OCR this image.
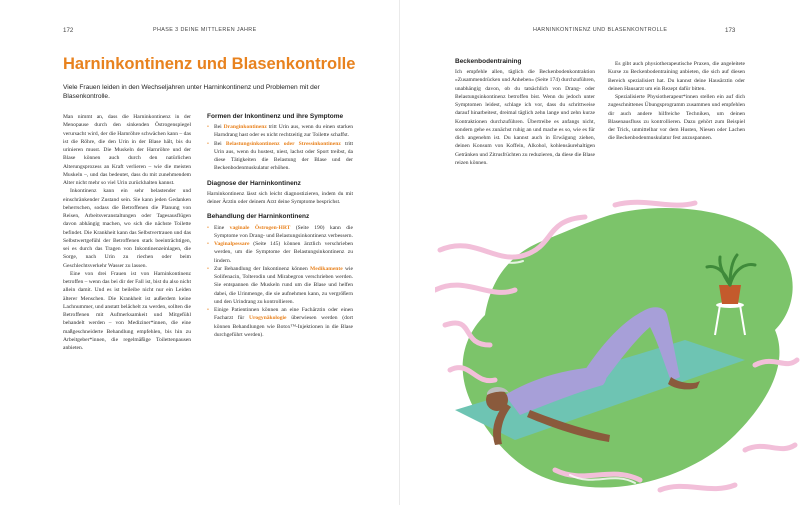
172	PHASE 3 DEINE MITTLEREN JAHRE
Harninkontinenz und Blasenkontrolle

Viele Frauen leiden in den Wechseljahren unter Harninkontinenz und Problemen mit der Blasenkontrolle.

Man nimmt an, dass die Harninkontinenz in der Menopause durch den sinkenden Östrogenspiegel verursacht wird, der die Harnröhre schwächen kann – das ist die Röhre, die den Urin in der Blase hält, bis du urinieren musst. Die Muskeln der Harnröhre und der Blase können auch durch den natürlichen Alterungsprozess an Kraft verlieren – wie die meisten Muskeln –, und das bedeutet, dass du mit zunehmendem Alter nicht mehr so viel Urin zurückhalten kannst.

Inkontinenz kann ein sehr belastender und einschränkender Zustand sein. Sie kann jeden Gedanken beherrschen, sodass die Betroffenen die Planung von Reisen, Arbeitsveranstaltungen oder Tagesausflügen davon abhängig machen, wo sich die nächste Toilette befindet. Die Krankheit kann das Selbstvertrauen und das Selbstwertgefühl der Betroffenen stark beeinträchtigen, sei es durch das Tragen von Inkontinenzeinlagen, die Sorge, nach Urin zu riechen oder beim Geschlechtsverkehr Wasser zu lassen.

Eine von drei Frauen ist von Harninkontinenz betroffen – wenn das bei dir der Fall ist, bist du also nicht allein damit. Und es ist beileibe nicht nur ein Leiden älterer Menschen. Die Krankheit ist außerdem keine Lachnummer, und anstatt belächelt zu werden, sollten die Betroffenen mit Aufmerksamkeit und Mitgefühl behandelt werden – von Mediziner*innen, die eine maßgeschneiderte Behandlung empfehlen, bis hin zu Arbeitgeber*innen, die regelmäßige Toilettenpausen anbieten.

Formen der Inkontinenz und ihre Symptome
• Bei Dranginkontinenz tritt Urin aus, wenn du einen starken Harndrang hast oder es nicht rechtzeitig zur Toilette schaffst.
• Bei Belastungsinkontinenz oder Stressinkontinenz tritt Urin aus, wenn du hustest, niest, lachst oder Sport treibst, da diese Tätigkeiten die Belastung der Blase und der Beckenbodenmuskulatur erhöhen.
Diagnose der Harninkontinenz

Harninkontinenz lässt sich leicht diagnostizieren, indem du mit deiner Ärztin oder deinem Arzt deine Symptome besprichst.

Behandlung der Harninkontinenz
• Eine vaginale Östrogen-HRT (Seite 190) kann die Symptome von Drang- und Belastungsinkontinenz verbessern.
• Vaginalpessare (Seite 145) können ärztlich verschrieben werden, um die Symptome der Belastungsinkontinenz zu lindern.
• Zur Behandlung der Inkontinenz können Medikamente wie Solifenacin, Tolterodin und Mirabegron verschrieben werden. Sie entspannen die Muskeln rund um die Blase und helfen dabei, die Urinmenge, die sie aufnehmen kann, zu vergrößern und den Urindrang zu kontrollieren.
• Einige Patientinnen können an eine Fachärztin oder einen Facharzt für Urogynäkologie überwiesen werden (dort können Behandlungen wie Botox™-Injektionen in die Blase durchgeführt werden).
HARNINKONTINENZ UND BLASENKONTROLLE	173
Beckenbodentraining

Ich empfehle allen, täglich die Beckenbodenkontraktion »Zusammendrücken und Anheben« (Seite 174) durchzuführen, unabhängig davon, ob du tatsächlich von Drang- oder Belastungsinkontinenz betroffen bist. Wenn du jedoch unter Symptomen leidest, schlage ich vor, dass du schrittweise darauf hinarbeitest, dreimal täglich zehn lange und zehn kurze Kontraktionen durchzuführen. Übertreibe es anfangs nicht, sondern gehe es zunächst ruhig an und mache es so, wie es für dich angenehm ist. Du kannst auch in Erwägung ziehen, deinen Konsum von Koffein, Alkohol, kohlensäurehaltigen Getränken und Zitrusfrüchten zu reduzieren, da diese die Blase reizen können.

Es gibt auch physiotherapeutische Praxen, die angeleitete Kurse zu Beckenbodentraining anbieten, die sich auf diesen Bereich spezialisiert hat. Du kannst deine Hausärztin oder deinen Hausarzt um ein Rezept dafür bitten.

Spezialisierte Physiotherapeut*innen stellen ein auf dich zugeschnittenes Übungsprogramm zusammen und empfehlen dir auch andere hilfreiche Techniken, um deinen Blasenausfluss zu kontrollieren. Dazu gehört zum Beispiel der Trick, unmittelbar vor dem Husten, Niesen oder Lachen die Beckenbodenmuskulatur fest anzuspannen.
